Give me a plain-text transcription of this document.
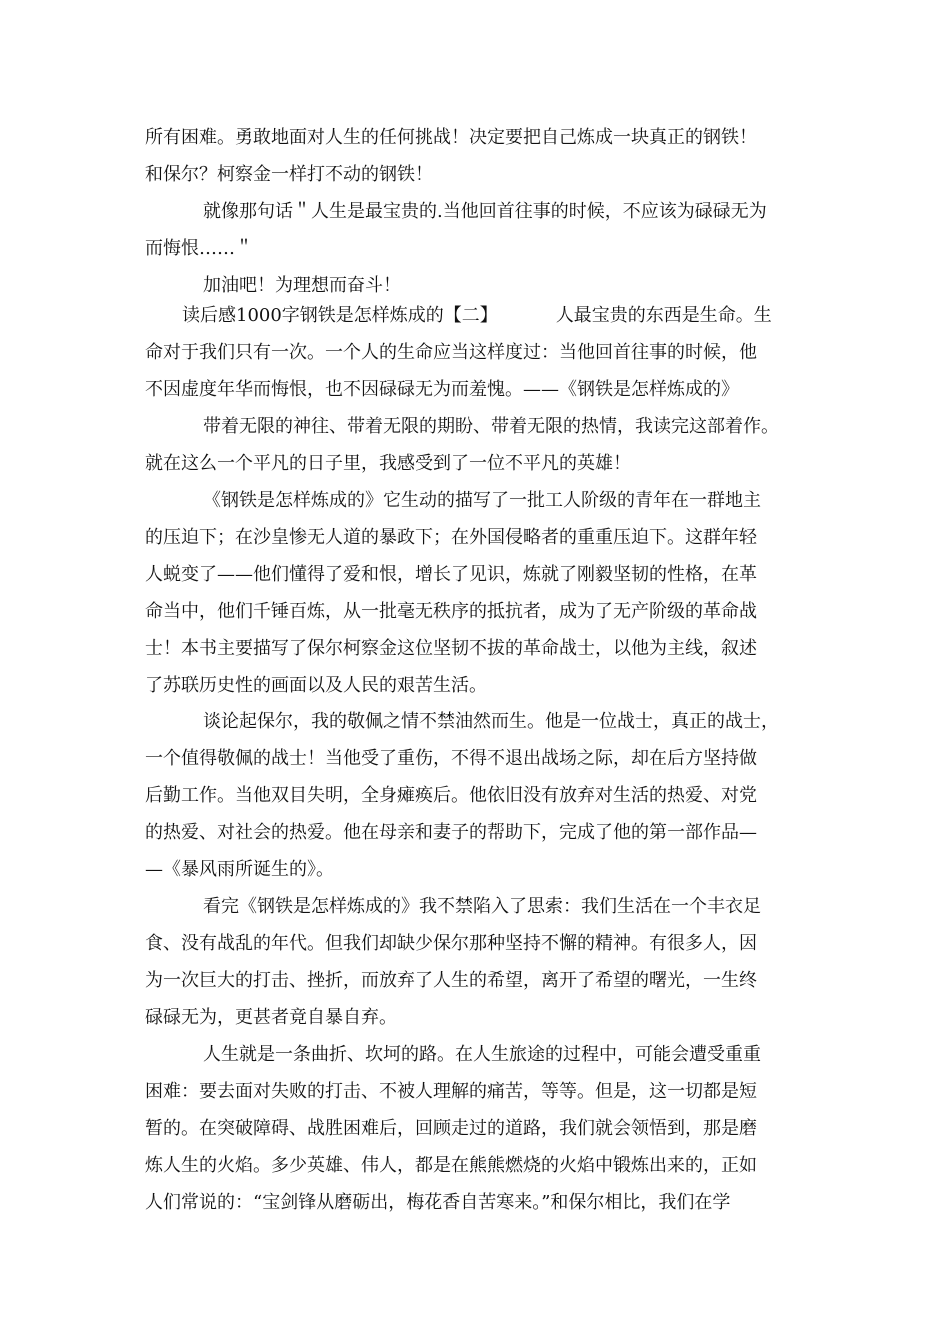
所有困难。勇敢地面对人生的任何挑战！决定要把自己炼成一块真正的钢铁！
和保尔？柯察金一样打不动的钢铁！
就像那句话＂人生是最宝贵的.当他回首往事的时候，不应该为碌碌无为
而悔恨……＂
加油吧！为理想而奋斗！
读后感1000字钢铁是怎样炼成的【二】	人最宝贵的东西是生命。生
命对于我们只有一次。一个人的生命应当这样度过：当他回首往事的时候，他
不因虚度年华而悔恨，也不因碌碌无为而羞愧。——《钢铁是怎样炼成的》
带着无限的神往、带着无限的期盼、带着无限的热情，我读完这部着作。
就在这么一个平凡的日子里，我感受到了一位不平凡的英雄！
《钢铁是怎样炼成的》它生动的描写了一批工人阶级的青年在一群地主
的压迫下；在沙皇惨无人道的暴政下；在外国侵略者的重重压迫下。这群年轻
人蜕变了——他们懂得了爱和恨，增长了见识，炼就了刚毅坚韧的性格，在革
命当中，他们千锤百炼，从一批毫无秩序的抵抗者，成为了无产阶级的革命战
士！本书主要描写了保尔柯察金这位坚韧不拔的革命战士，以他为主线，叙述
了苏联历史性的画面以及人民的艰苦生活。
谈论起保尔，我的敬佩之情不禁油然而生。他是一位战士，真正的战士，
一个值得敬佩的战士！当他受了重伤，不得不退出战场之际，却在后方坚持做
后勤工作。当他双目失明，全身瘫痪后。他依旧没有放弃对生活的热爱、对党
的热爱、对社会的热爱。他在母亲和妻子的帮助下，完成了他的第一部作品—
—《暴风雨所诞生的》。
看完《钢铁是怎样炼成的》我不禁陷入了思索：我们生活在一个丰衣足
食、没有战乱的年代。但我们却缺少保尔那种坚持不懈的精神。有很多人，因
为一次巨大的打击、挫折，而放弃了人生的希望，离开了希望的曙光，一生终
碌碌无为，更甚者竟自暴自弃。
人生就是一条曲折、坎坷的路。在人生旅途的过程中，可能会遭受重重
困难：要去面对失败的打击、不被人理解的痛苦，等等。但是，这一切都是短
暂的。在突破障碍、战胜困难后，回顾走过的道路，我们就会领悟到，那是磨
炼人生的火焰。多少英雄、伟人，都是在熊熊燃烧的火焰中锻炼出来的，正如
人们常说的：“宝剑锋从磨砺出，梅花香自苦寒来。”和保尔相比，我们在学
